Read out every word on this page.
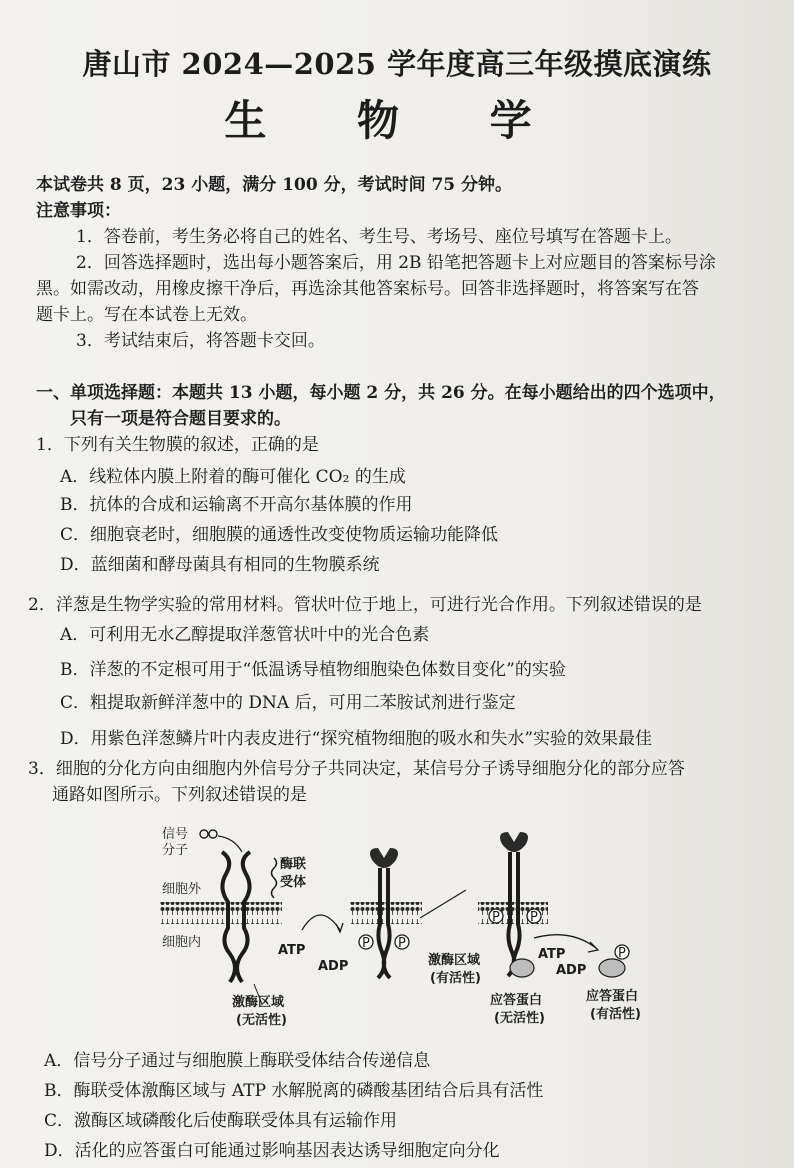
唐山市 2024—2025 学年度高三年级摸底演练
生 物 学
本试卷共 8 页，23 小题，满分 100 分，考试时间 75 分钟。
注意事项：
1．答卷前，考生务必将自己的姓名、考生号、考场号、座位号填写在答题卡上。
2．回答选择题时，选出每小题答案后，用 2B 铅笔把答题卡上对应题目的答案标号涂
黑。如需改动，用橡皮擦干净后，再选涂其他答案标号。回答非选择题时，将答案写在答
题卡上。写在本试卷上无效。
3．考试结束后，将答题卡交回。
一、单项选择题：本题共 13 小题，每小题 2 分，共 26 分。在每小题给出的四个选项中，
只有一项是符合题目要求的。
1．下列有关生物膜的叙述，正确的是
A．线粒体内膜上附着的酶可催化 CO₂ 的生成
B．抗体的合成和运输离不开高尔基体膜的作用
C．细胞衰老时，细胞膜的通透性改变使物质运输功能降低
D．蓝细菌和酵母菌具有相同的生物膜系统
2．洋葱是生物学实验的常用材料。管状叶位于地上，可进行光合作用。下列叙述错误的是
A．可利用无水乙醇提取洋葱管状叶中的光合色素
B．洋葱的不定根可用于“低温诱导植物细胞染色体数目变化”的实验
C．粗提取新鲜洋葱中的 DNA 后，可用二苯胺试剂进行鉴定
D．用紫色洋葱鳞片叶内表皮进行“探究植物细胞的吸水和失水”实验的效果最佳
3．细胞的分化方向由细胞内外信号分子共同决定，某信号分子诱导细胞分化的部分应答
通路如图所示。下列叙述错误的是
信号
分子
细胞外
细胞内
酶联
受体
ATP
ADP
P P
P P
激酶区域
(无活性)
激酶区域
(有活性)
应答蛋白
(无活性)
ATP
ADP
P
应答蛋白
(有活性)
A．信号分子通过与细胞膜上酶联受体结合传递信息
B．酶联受体激酶区域与 ATP 水解脱离的磷酸基团结合后具有活性
C．激酶区域磷酸化后使酶联受体具有运输作用
D．活化的应答蛋白可能通过影响基因表达诱导细胞定向分化
